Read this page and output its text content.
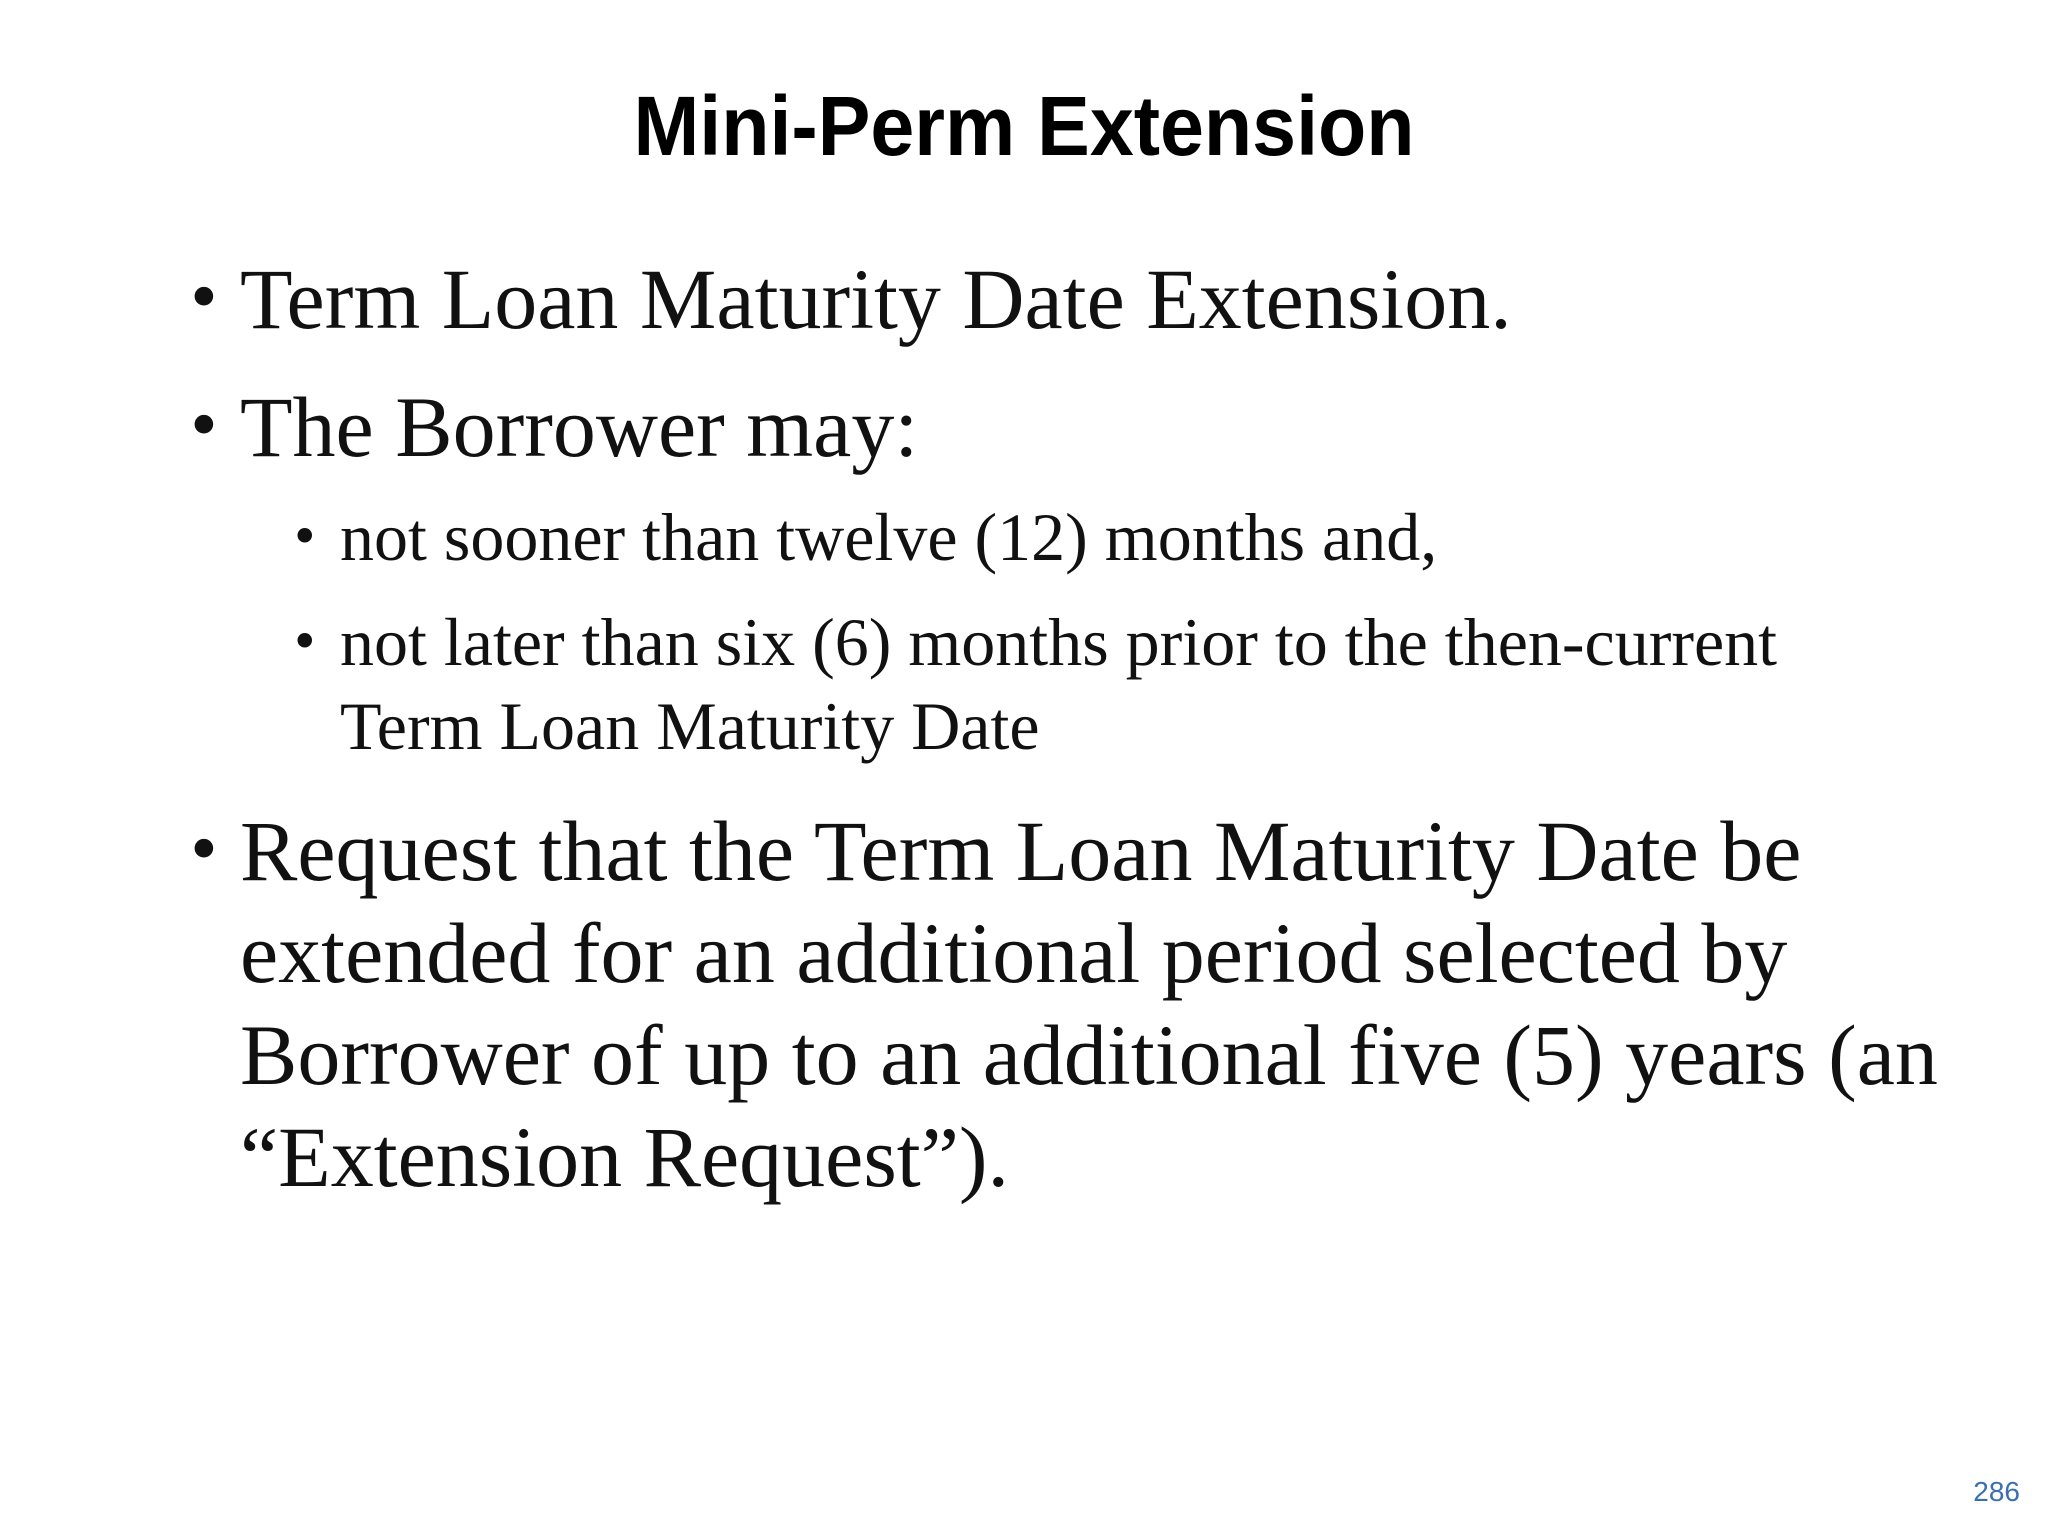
Mini-Perm Extension
• Term Loan Maturity Date Extension.
• The Borrower may:
• not sooner than twelve (12) months and,
• not later than six (6) months prior to the then-current Term Loan Maturity Date
• Request that the Term Loan Maturity Date be extended for an additional period selected by Borrower of up to an additional five (5) years (an “Extension Request”).
286
